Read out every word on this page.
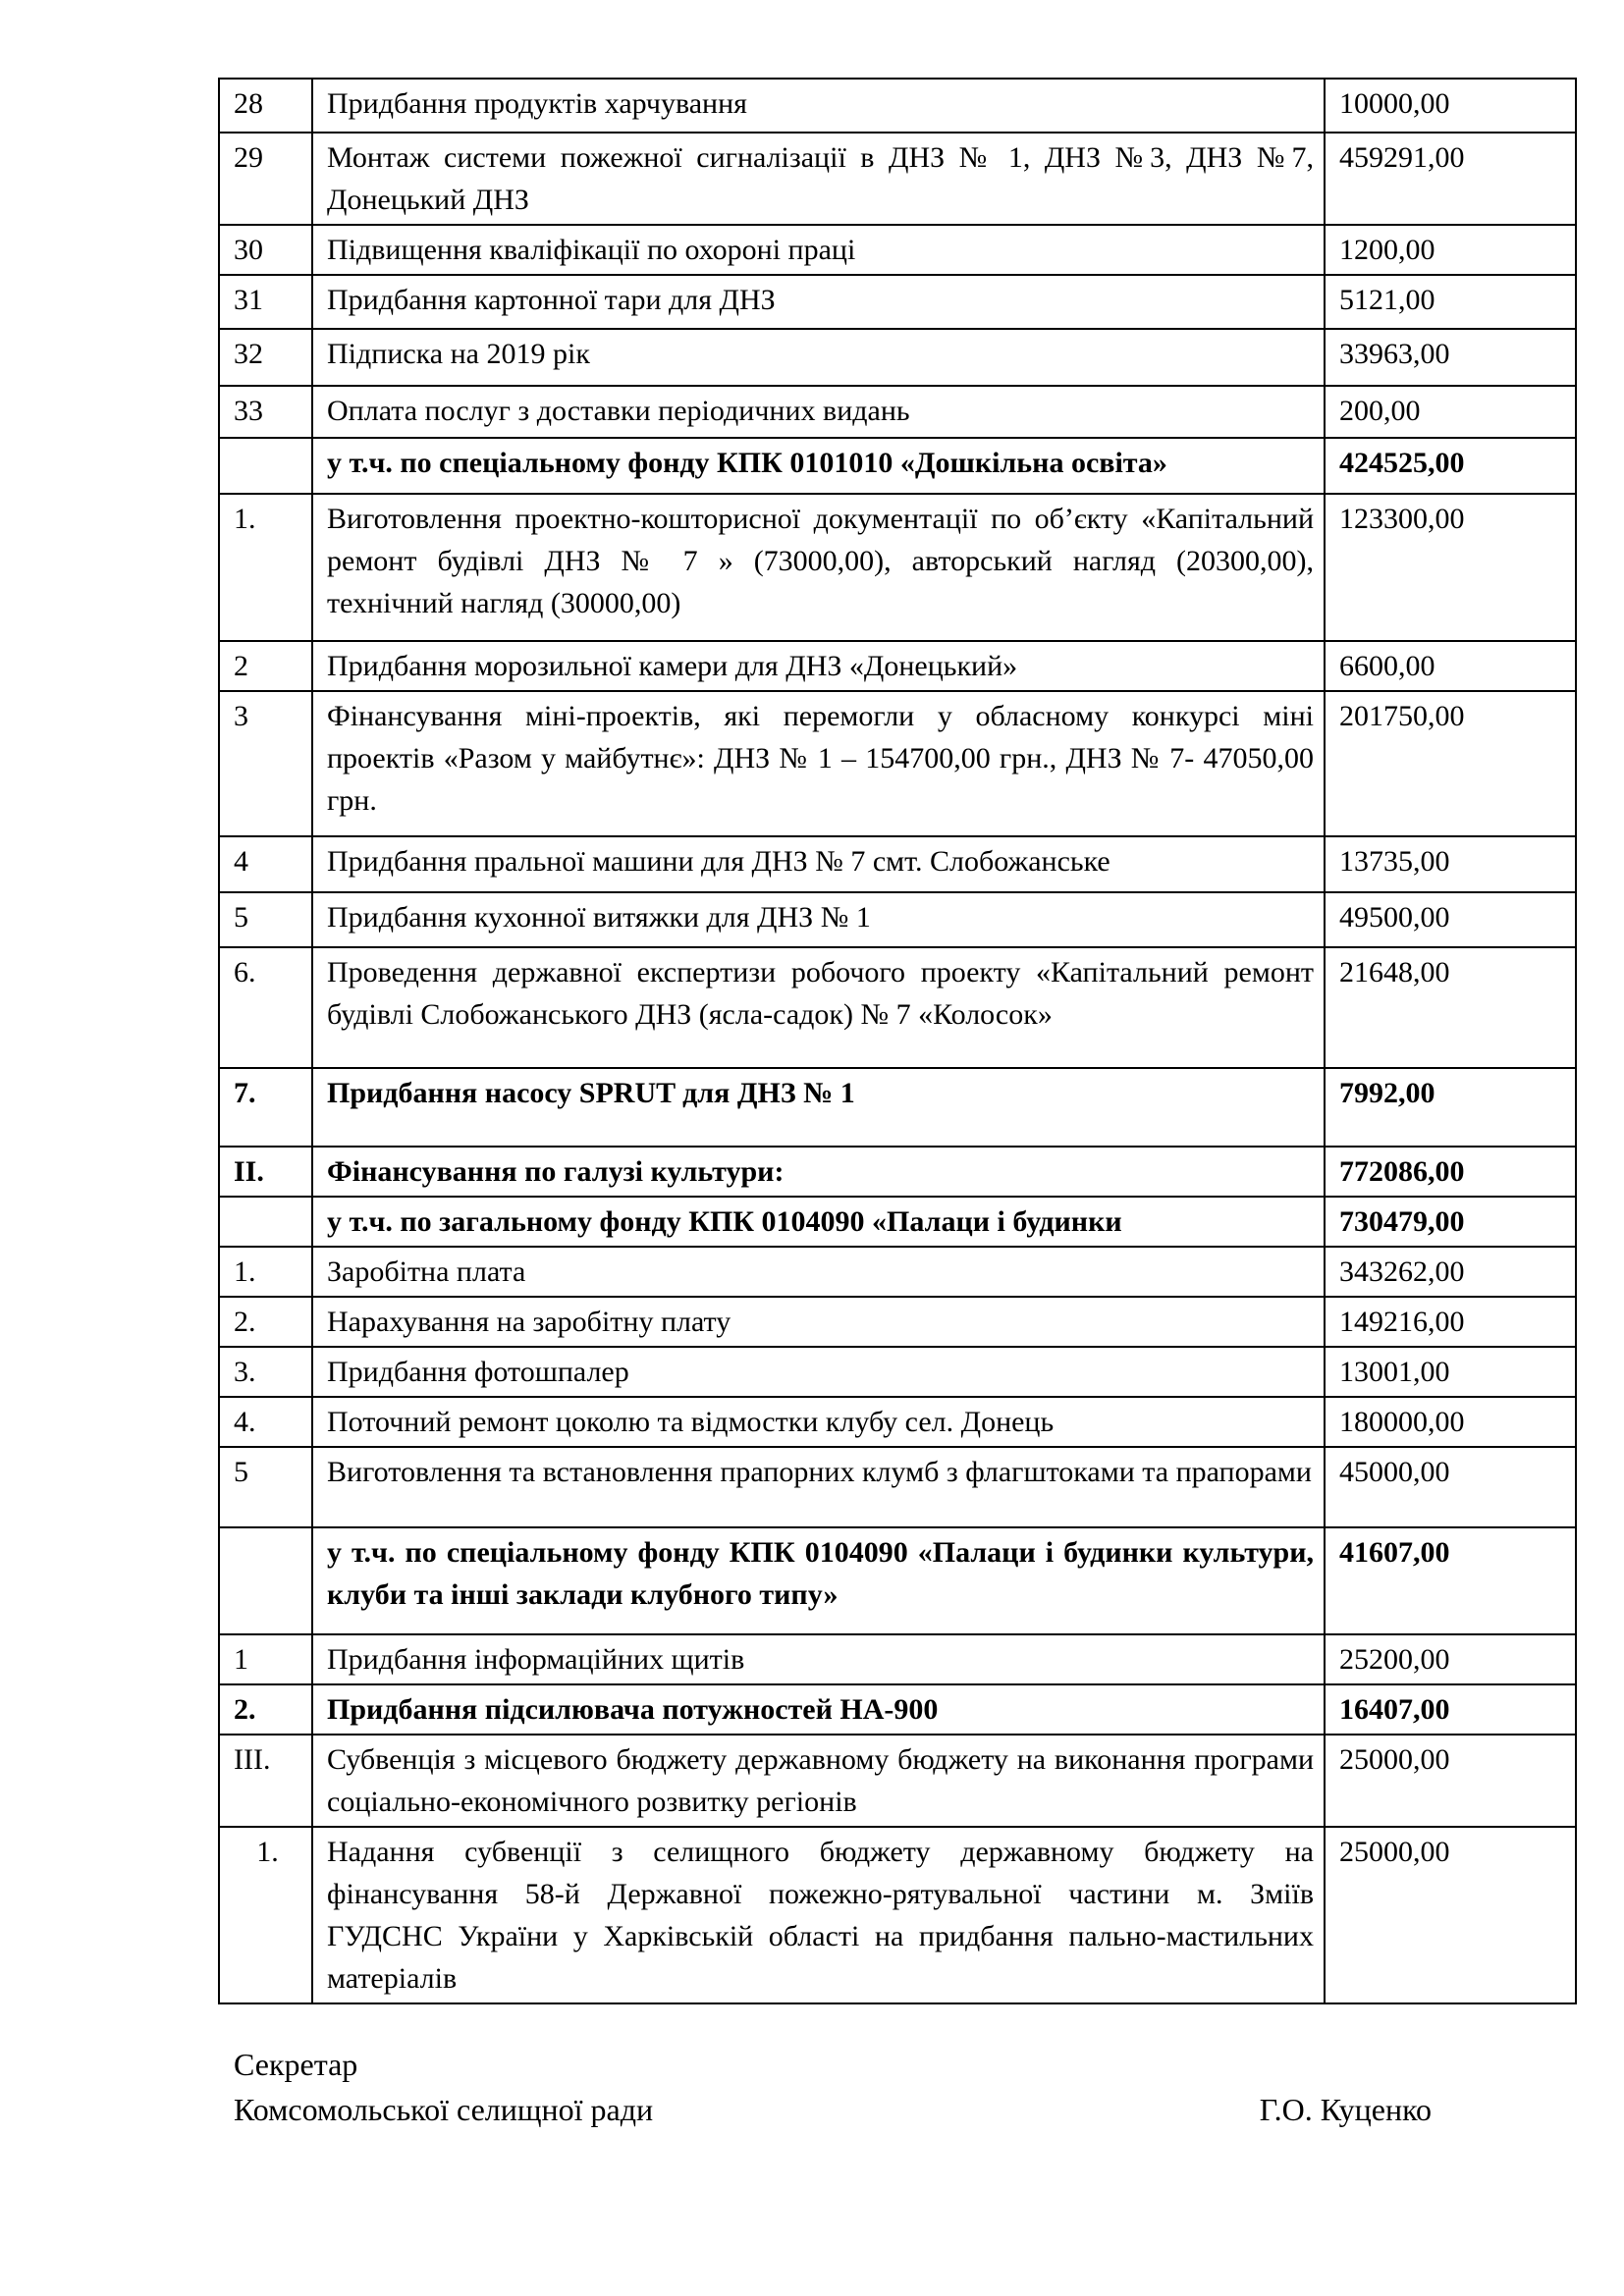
28	Придбання продуктів харчування	10000,00
29	Монтаж системи пожежної сигналізації в ДНЗ № 1, ДНЗ №3, ДНЗ №7, Донецький ДНЗ	459291,00
30	Підвищення кваліфікації по охороні праці	1200,00
31	Придбання картонної тари для ДНЗ	5121,00
32	Підписка на 2019 рік	33963,00
33	Оплата послуг з доставки періодичних видань	200,00
	у т.ч. по спеціальному фонду КПК 0101010 «Дошкільна освіта»	424525,00
1.	Виготовлення проектно-кошторисної документації по об’єкту «Капітальний ремонт будівлі ДНЗ № 7 » (73000,00), авторський нагляд (20300,00), технічний нагляд (30000,00)	123300,00
2	Придбання морозильної камери для ДНЗ «Донецький»	6600,00
3	Фінансування міні-проектів, які перемогли у обласному конкурсі міні проектів «Разом у майбутнє»: ДНЗ № 1 – 154700,00 грн., ДНЗ № 7- 47050,00 грн.	201750,00
4	Придбання пральної машини для ДНЗ № 7 смт. Слобожанське	13735,00
5	Придбання кухонної витяжки для ДНЗ № 1	49500,00
6.	Проведення державної експертизи робочого проекту «Капітальний ремонт будівлі Слобожанського ДНЗ (ясла-садок) № 7 «Колосок»	21648,00
7.	Придбання насосу SPRUT для ДНЗ № 1	7992,00
II.	Фінансування по галузі культури:	772086,00
	у т.ч. по загальному фонду КПК 0104090 «Палаци і будинки	730479,00
1.	Заробітна плата	343262,00
2.	Нарахування на заробітну плату	149216,00
3.	Придбання фотошпалер	13001,00
4.	Поточний ремонт цоколю та відмостки клубу сел. Донець	180000,00
5	Виготовлення та встановлення прапорних клумб з флагштоками та прапорами	45000,00
	у т.ч. по спеціальному фонду КПК 0104090 «Палаци і будинки культури, клуби та інші заклади клубного типу»	41607,00
1	Придбання інформаційних щитів	25200,00
2.	Придбання підсилювача потужностей НА-900	16407,00
III.	Субвенція з місцевого бюджету державному бюджету на виконання програми соціально-економічного розвитку регіонів	25000,00
1.	Надання субвенції з селищного бюджету державному бюджету на фінансування 58-й Державної пожежно-рятувальної частини м. Зміїв ГУДСНС України у Харківській області на придбання пально-мастильних матеріалів	25000,00
Секретар
Комсомольської селищної ради	Г.О. Куценко
